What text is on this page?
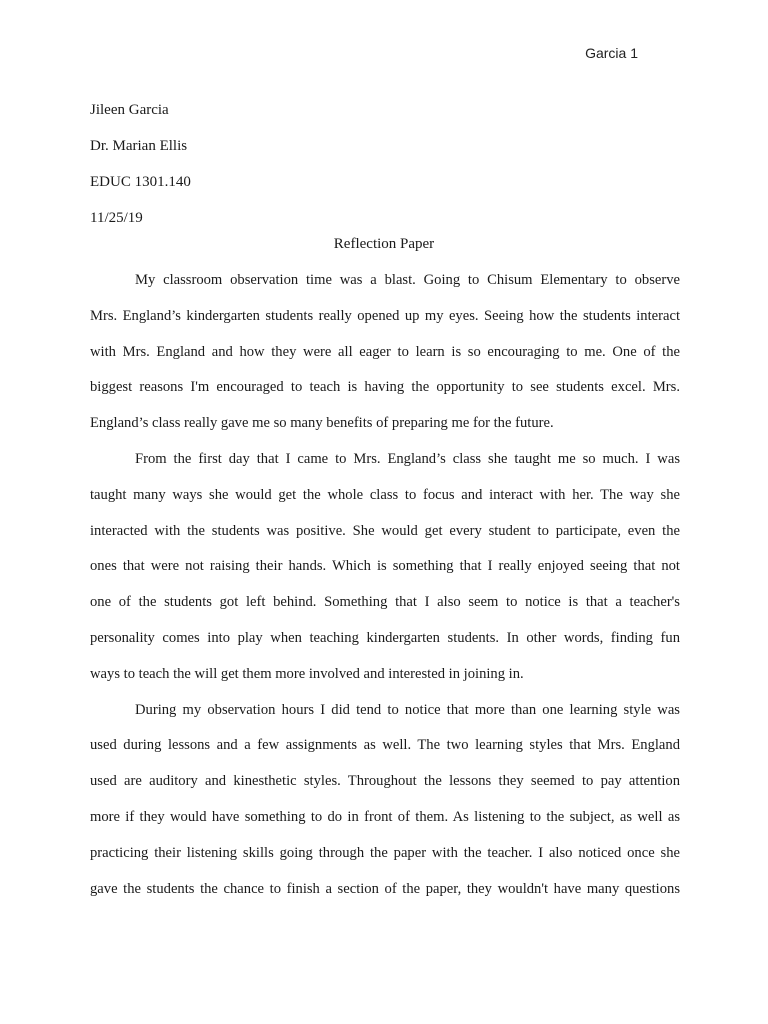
Garcia 1
Jileen Garcia
Dr. Marian Ellis
EDUC 1301.140
11/25/19
Reflection Paper
My classroom observation time was a blast. Going to Chisum Elementary to observe
Mrs. England’s kindergarten students really opened up my eyes. Seeing how the students interact
with Mrs. England and how they were all eager to learn is so encouraging to me. One of the
biggest reasons I'm encouraged to teach is having the opportunity to see students excel. Mrs.
England’s class really gave me so many benefits of preparing me for the future.
From the first day that I came to Mrs. England’s class she taught me so much. I was
taught many ways she would get the whole class to focus and interact with her. The way she
interacted with the students was positive. She would get every student to participate, even the
ones that were not raising their hands. Which is something that I really enjoyed seeing that not
one of the students got left behind. Something that I also seem to notice is that a teacher's
personality comes into play when teaching kindergarten students. In other words, finding fun
ways to teach the will get them more involved and interested in joining in.
During my observation hours I did tend to notice that more than one learning style was
used during lessons and a few assignments as well. The two learning styles that Mrs. England
used are auditory and kinesthetic styles. Throughout the lessons they seemed to pay attention
more if they would have something to do in front of them. As listening to the subject, as well as
practicing their listening skills going through the paper with the teacher. I also noticed once she
gave the students the chance to finish a section of the paper, they wouldn't have many questions
